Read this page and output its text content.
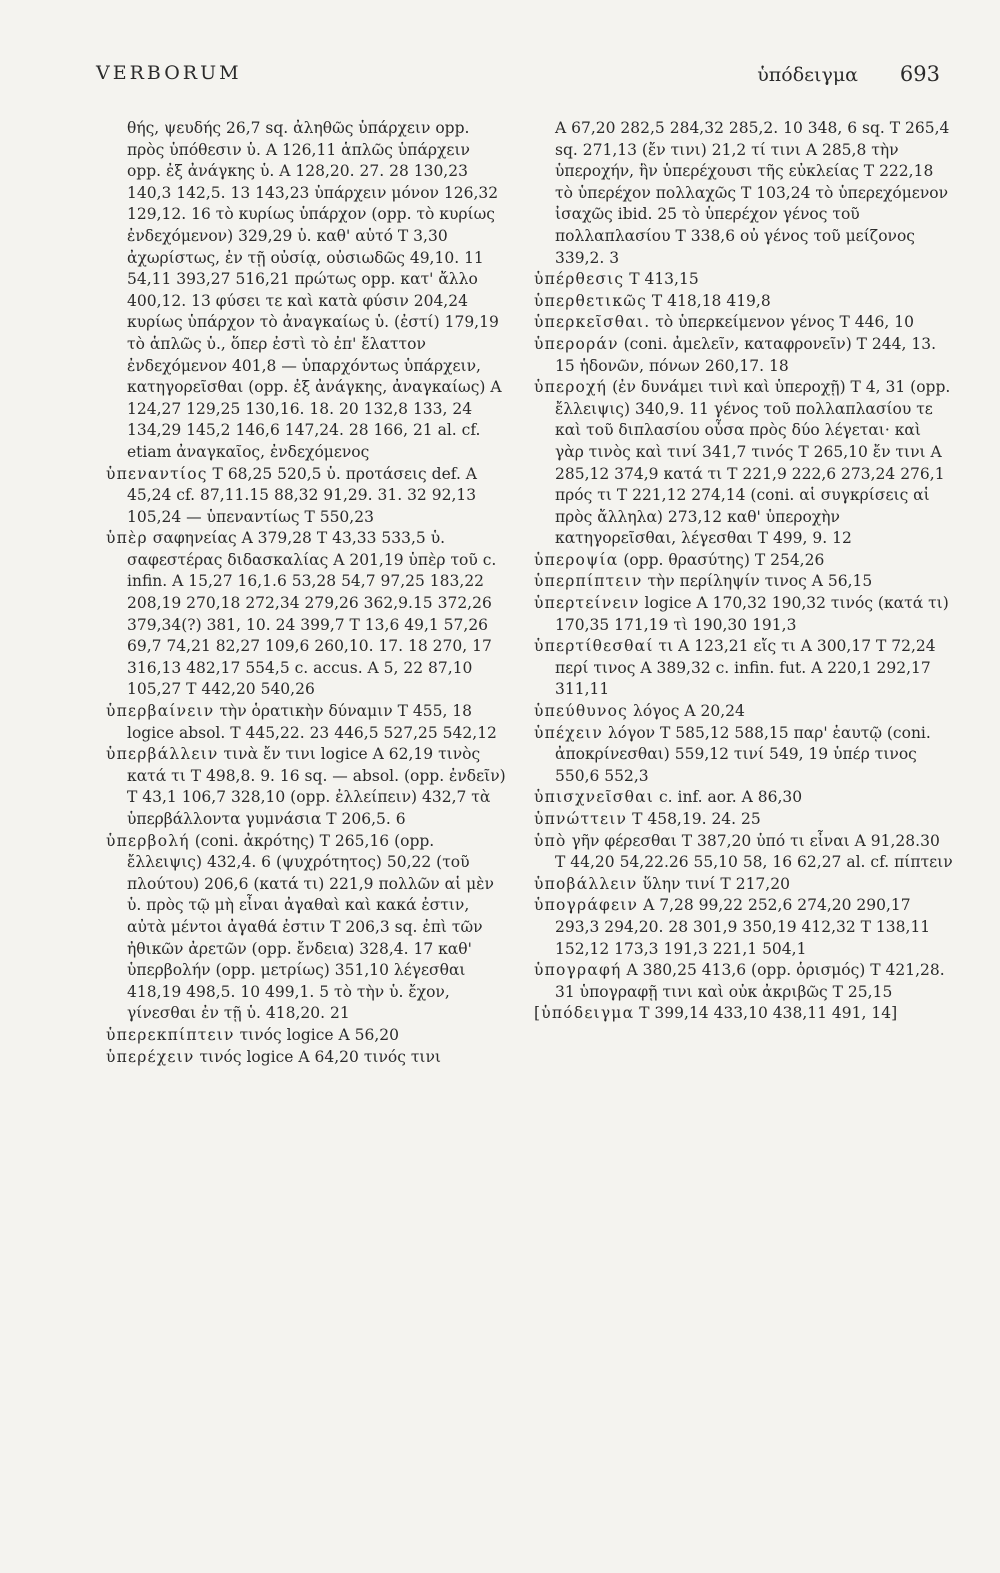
VERBORUM	ὑπόδειγμα 693

θής, ψευδής 26,7 sq. ἀληθῶς ὑπάρχειν opp. πρὸς ὑπόθεσιν ὑ. A 126,11 ἁπλῶς ὑπάρχειν opp. ἐξ ἀνάγκης ὑ. A 128,20. 27. 28 130,23 140,3 142,5. 13 143,23 ὑπάρχειν μόνον 126,32 129,12. 16 τὸ κυρίως ὑπάρχον (opp. τὸ κυρίως ἐνδεχόμενον) 329,29 ὑ. καθ' αὑτό T 3,30 ἀχωρίστως, ἐν τῇ οὐσίᾳ, οὐσιωδῶς 49,10. 11 54,11 393,27 516,21 πρώτως opp. κατ' ἄλλο 400,12. 13 φύσει τε καὶ κατὰ φύσιν 204,24 κυρίως ὑπάρχον τὸ ἀναγκαίως ὑ. (ἐστί) 179,19 τὸ ἁπλῶς ὑ., ὅπερ ἐστὶ τὸ ἐπ' ἔλαττον ἐνδεχόμενον 401,8 — ὑπαρχόντως ὑπάρχειν, κατηγορεῖσθαι (opp. ἐξ ἀνάγκης, ἀναγκαίως) A 124,27 129,25 130,16. 18. 20 132,8 133, 24 134,29 145,2 146,6 147,24. 28 166, 21 al. cf. etiam ἀναγκαῖος, ἐνδεχόμενος

ὑπεναντίος T 68,25 520,5 ὑ. προτάσεις def. A 45,24 cf. 87,11.15 88,32 91,29. 31. 32 92,13 105,24 — ὑπεναντίως T 550,23

ὑπὲρ σαφηνείας A 379,28 T 43,33 533,5 ὑ. σαφεστέρας διδασκαλίας A 201,19 ὑπὲρ τοῦ c. infin. A 15,27 16,1.6 53,28 54,7 97,25 183,22 208,19 270,18 272,34 279,26 362,9.15 372,26 379,34(?) 381, 10. 24 399,7 T 13,6 49,1 57,26 69,7 74,21 82,27 109,6 260,10. 17. 18 270, 17 316,13 482,17 554,5 c. accus. A 5, 22 87,10 105,27 T 442,20 540,26

ὑπερβαίνειν τὴν ὁρατικὴν δύναμιν T 455, 18 logice absol. T 445,22. 23 446,5 527,25 542,12

ὑπερβάλλειν τινὰ ἔν τινι logice A 62,19 τινὸς κατά τι T 498,8. 9. 16 sq. — absol. (opp. ἐνδεῖν) T 43,1 106,7 328,10 (opp. ἐλλείπειν) 432,7 τὰ ὑπερβάλλοντα γυμνάσια T 206,5. 6

ὑπερβολή (coni. ἀκρότης) T 265,16 (opp. ἔλλειψις) 432,4. 6 (ψυχρότητος) 50,22 (τοῦ πλούτου) 206,6 (κατά τι) 221,9 πολλῶν αἱ μὲν ὑ. πρὸς τῷ μὴ εἶναι ἀγαθαὶ καὶ κακά ἐστιν, αὐτὰ μέντοι ἀγαθά ἐστιν T 206,3 sq. ἐπὶ τῶν ἠθικῶν ἀρετῶν (opp. ἔνδεια) 328,4. 17 καθ' ὑπερβολήν (opp. μετρίως) 351,10 λέγεσθαι 418,19 498,5. 10 499,1. 5 τὸ τὴν ὑ. ἔχον, γίνεσθαι ἐν τῇ ὑ. 418,20. 21

ὑπερεκπίπτειν τινός logice A 56,20

ὑπερέχειν τινός logice A 64,20 τινός τινι

A 67,20 282,5 284,32 285,2. 10 348, 6 sq. T 265,4 sq. 271,13 (ἔν τινι) 21,2 τί τινι A 285,8 τὴν ὑπεροχήν, ἣν ὑπερέχουσι τῆς εὐκλείας T 222,18 τὸ ὑπερέχον πολλαχῶς T 103,24 τὸ ὑπερεχόμενον ἰσαχῶς ibid. 25 τὸ ὑπερέχον γένος τοῦ πολλαπλασίου T 338,6 οὐ γένος τοῦ μείζονος 339,2. 3

ὑπέρθεσις T 413,15

ὑπερθετικῶς T 418,18 419,8

ὑπερκεῖσθαι. τὸ ὑπερκείμενον γένος T 446, 10

ὑπεροράν (coni. ἀμελεῖν, καταφρονεῖν) T 244, 13. 15 ἡδονῶν, πόνων 260,17. 18

ὑπεροχή (ἐν δυνάμει τινὶ καὶ ὑπεροχῇ) T 4, 31 (opp. ἔλλειψις) 340,9. 11 γένος τοῦ πολλαπλασίου τε καὶ τοῦ διπλασίου οὖσα πρὸς δύο λέγεται· καὶ γὰρ τινὸς καὶ τινί 341,7 τινός T 265,10 ἔν τινι A 285,12 374,9 κατά τι T 221,9 222,6 273,24 276,1 πρός τι T 221,12 274,14 (coni. αἱ συγκρίσεις αἱ πρὸς ἄλληλα) 273,12 καθ' ὑπεροχὴν κατηγορεῖσθαι, λέγεσθαι T 499, 9. 12

ὑπεροψία (opp. θρασύτης) T 254,26

ὑπερπίπτειν τὴν περίληψίν τινος A 56,15

ὑπερτείνειν logice A 170,32 190,32 τινός (κατά τι) 170,35 171,19 τὶ 190,30 191,3

ὑπερτίθεσθαί τι A 123,21 εἴς τι A 300,17 T 72,24 περί τινος A 389,32 c. infin. fut. A 220,1 292,17 311,11

ὑπεύθυνος λόγος A 20,24

ὑπέχειν λόγον T 585,12 588,15 παρ' ἑαυτῷ (coni. ἀποκρίνεσθαι) 559,12 τινί 549, 19 ὑπέρ τινος 550,6 552,3

ὑπισχνεῖσθαι c. inf. aor. A 86,30

ὑπνώττειν T 458,19. 24. 25

ὑπὸ γῆν φέρεσθαι T 387,20 ὑπό τι εἶναι A 91,28.30 T 44,20 54,22.26 55,10 58, 16 62,27 al. cf. πίπτειν

ὑποβάλλειν ὕλην τινί T 217,20

ὑπογράφειν A 7,28 99,22 252,6 274,20 290,17 293,3 294,20. 28 301,9 350,19 412,32 T 138,11 152,12 173,3 191,3 221,1 504,1

ὑπογραφή A 380,25 413,6 (opp. ὁρισμός) T 421,28. 31 ὑπογραφῇ τινι καὶ οὐκ ἀκριβῶς T 25,15

[ὑπόδειγμα T 399,14 433,10 438,11 491, 14]
